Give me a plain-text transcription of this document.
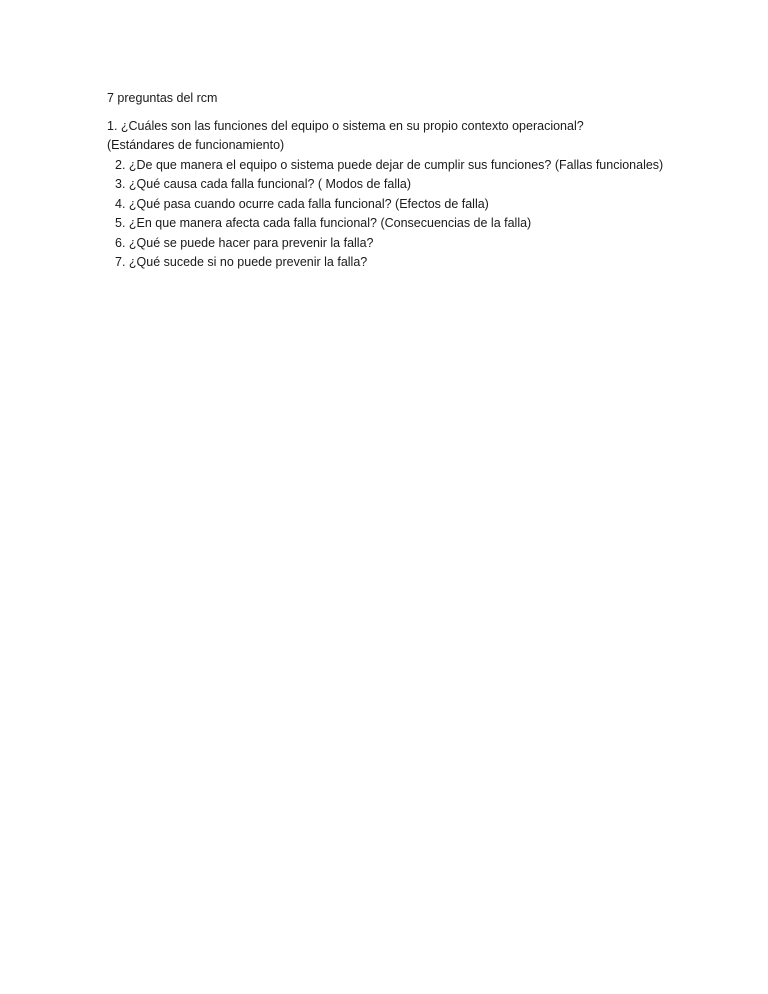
7 preguntas del rcm

1. ¿Cuáles son las funciones del equipo o sistema en su propio contexto operacional? (Estándares de funcionamiento)

2. ¿De que manera el equipo o sistema puede dejar de cumplir sus funciones? (Fallas funcionales)

3. ¿Qué causa cada falla funcional? ( Modos de falla)

4. ¿Qué pasa cuando ocurre cada falla funcional? (Efectos de falla)

5. ¿En que manera afecta cada falla funcional? (Consecuencias de la falla)

6. ¿Qué se puede hacer para prevenir la falla?

7. ¿Qué sucede si no puede prevenir la falla?
